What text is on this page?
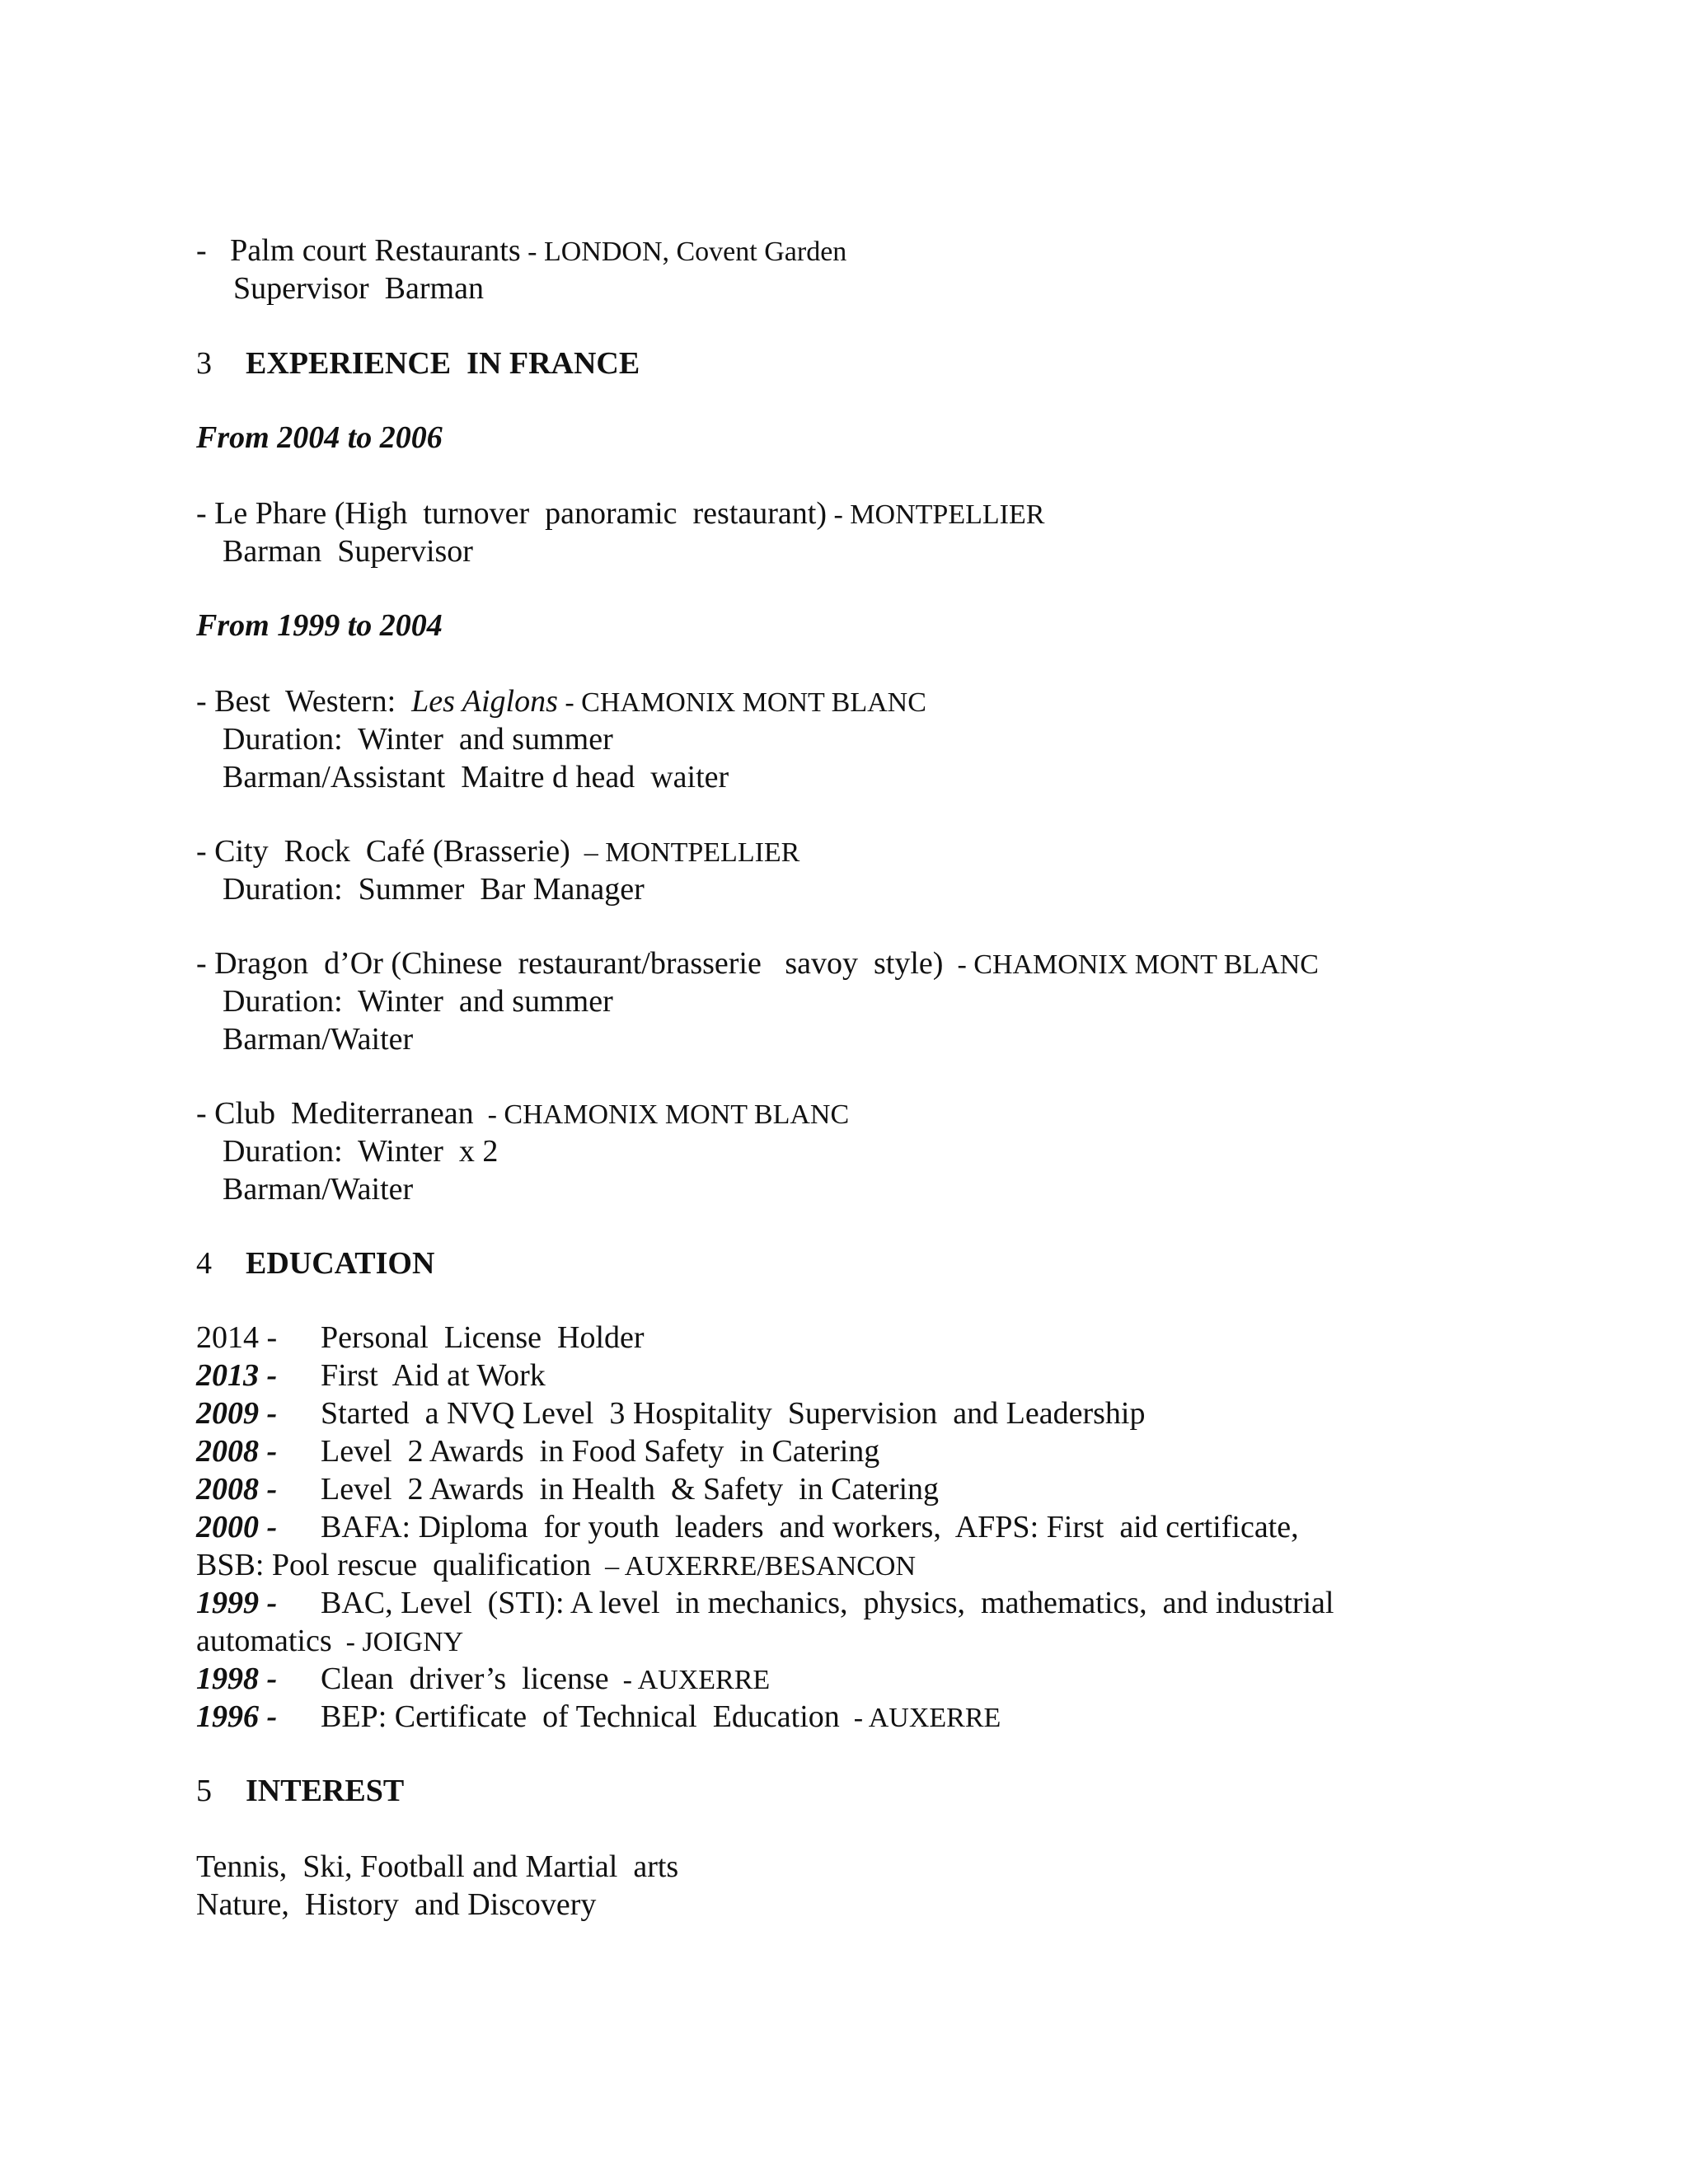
- Palm court Restaurants - LONDON, Covent Garden
Supervisor  Barman
3 EXPERIENCE  IN FRANCE
From 2004 to 2006
- Le Phare (High  turnover  panoramic  restaurant) - MONTPELLIER
Barman  Supervisor
From 1999 to 2004
- Best  Western:  Les Aiglons - CHAMONIX MONT BLANC
Duration:  Winter  and summer
Barman/Assistant  Maitre d head  waiter
- City  Rock  Café (Brasserie)  – MONTPELLIER
Duration:  Summer  Bar Manager
- Dragon  d’Or (Chinese  restaurant/brasserie   savoy  style)  - CHAMONIX MONT BLANC
Duration:  Winter  and summer
Barman/Waiter
- Club  Mediterranean  - CHAMONIX MONT BLANC
Duration:  Winter  x 2
Barman/Waiter
4 EDUCATION
2014 - Personal  License  Holder
2013 - First  Aid at Work
2009 - Started  a NVQ Level  3 Hospitality  Supervision  and Leadership
2008 - Level  2 Awards  in Food Safety  in Catering
2008 - Level  2 Awards  in Health  & Safety  in Catering
2000 - BAFA: Diploma  for youth  leaders  and workers,  AFPS: First  aid certificate,
BSB: Pool rescue  qualification  – AUXERRE/BESANCON
1999 - BAC, Level  (STI): A level  in mechanics,  physics,  mathematics,  and industrial
automatics  - JOIGNY
1998 - Clean  driver’s  license  - AUXERRE
1996 - BEP: Certificate  of Technical  Education  - AUXERRE
5 INTEREST
Tennis,  Ski, Football and Martial  arts
Nature,  History  and Discovery
